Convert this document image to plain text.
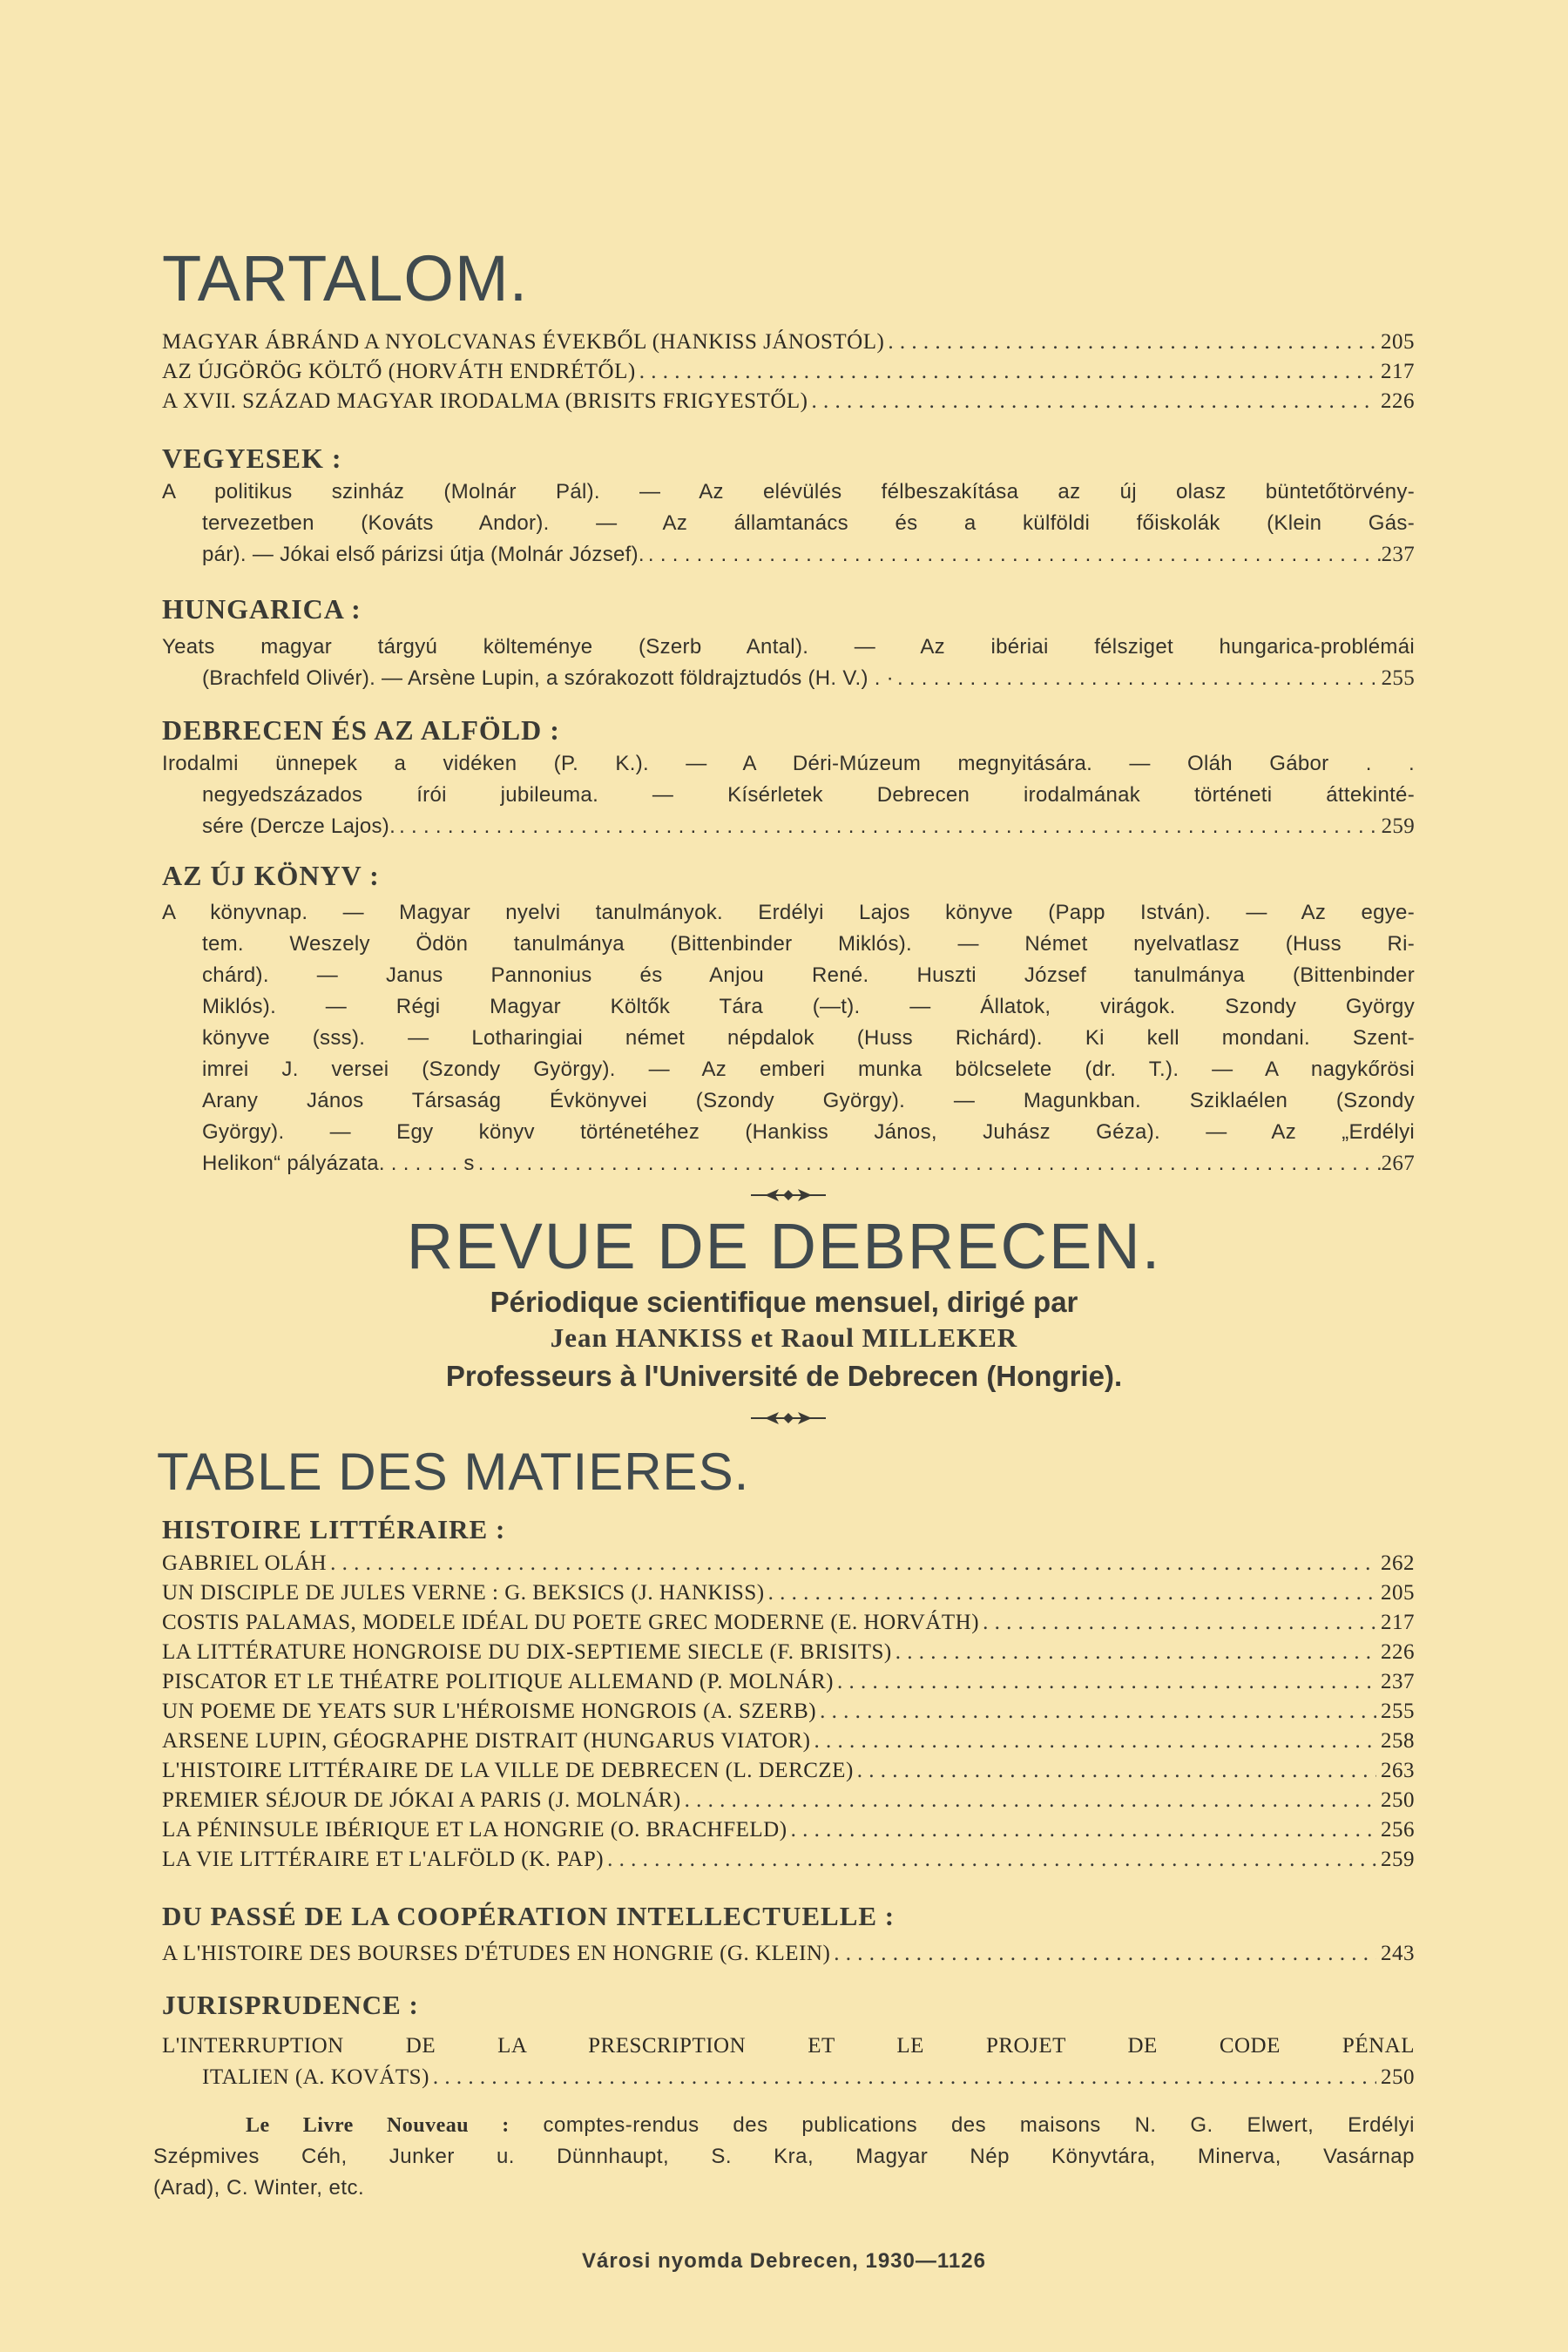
TARTALOM.
MAGYAR ÁBRÁND A NYOLCVANAS ÉVEKBŐL (HANKISS JÁNOSTÓL) . . .	205
AZ ÚJGÖRÖG KÖLTŐ (HORVÁTH ENDRÉTŐL) . . .	217
A XVII. SZÁZAD MAGYAR IRODALMA (BRISITS FRIGYESTŐL) . . .	226
VEGYESEK :
A politikus szinház (Molnár Pál). — Az elévülés félbeszakítása az új olasz büntetőtörvény-
tervezetben (Kováts Andor). — Az államtanács és a külföldi főiskolák (Klein Gás-
pár). — Jókai első párizsi útja (Molnár József). . . .	237
HUNGARICA :
Yeats magyar tárgyú költeménye (Szerb Antal). — Az ibériai félsziget hungarica-problémái
(Brachfeld Olivér). — Arsène Lupin, a szórakozott földrajztudós (H. V.) . · . . .	255
DEBRECEN ÉS AZ ALFÖLD :
Irodalmi ünnepek a vidéken (P. K.). — A Déri-Múzeum megnyitására. — Oláh Gábor . .
negyedszázados írói jubileuma. — Kísérletek Debrecen irodalmának történeti áttekinté-
sére (Dercze Lajos). . . .	259
AZ ÚJ KÖNYV :
A könyvnap. — Magyar nyelvi tanulmányok. Erdélyi Lajos könyve (Papp István). — Az egye-
tem. Weszely Ödön tanulmánya (Bittenbinder Miklós). — Német nyelvatlasz (Huss Ri-
chárd). — Janus Pannonius és Anjou René. Huszti József tanulmánya (Bittenbinder
Miklós). — Régi Magyar Költők Tára (—t). — Állatok, virágok. Szondy György
könyve (sss). — Lotharingiai német népdalok (Huss Richárd). Ki kell mondani. Szent-
imrei J. versei (Szondy György). — Az emberi munka bölcselete (dr. T.). — A nagykőrösi
Arany János Társaság Évkönyvei (Szondy György). — Magunkban. Sziklaélen (Szondy
György). — Egy könyv történetéhez (Hankiss János, Juhász Géza). — Az „Erdélyi
Helikon“ pályázata. . . . . . . s . . .	267
REVUE DE DEBRECEN.
Périodique scientifique mensuel, dirigé par
Jean HANKISS et Raoul MILLEKER
Professeurs à l'Université de Debrecen (Hongrie).
TABLE DES MATIERES.
HISTOIRE LITTÉRAIRE :
GABRIEL OLÁH . . .	262
UN DISCIPLE DE JULES VERNE : G. BEKSICS (J. HANKISS) . . .	205
COSTIS PALAMAS, MODELE IDÉAL DU POETE GREC MODERNE (E. HORVÁTH) . . .	217
LA LITTÉRATURE HONGROISE DU DIX-SEPTIEME SIECLE (F. BRISITS) . . .	226
PISCATOR ET LE THÉATRE POLITIQUE ALLEMAND (P. MOLNÁR) . . .	237
UN POEME DE YEATS SUR L'HÉROISME HONGROIS (A. SZERB) . . .	255
ARSENE LUPIN, GÉOGRAPHE DISTRAIT (HUNGARUS VIATOR) . . .	258
L'HISTOIRE LITTÉRAIRE DE LA VILLE DE DEBRECEN (L. DERCZE) . . .	263
PREMIER SÉJOUR DE JÓKAI A PARIS (J. MOLNÁR) . . .	250
LA PÉNINSULE IBÉRIQUE ET LA HONGRIE (O. BRACHFELD) . . .	256
LA VIE LITTÉRAIRE ET L'ALFÖLD (K. PAP) . . .	259
DU PASSÉ DE LA COOPÉRATION INTELLECTUELLE :
A L'HISTOIRE DES BOURSES D'ÉTUDES EN HONGRIE (G. KLEIN) . . .	243
JURISPRUDENCE :
L'INTERRUPTION DE LA PRESCRIPTION ET LE PROJET DE CODE PÉNAL
ITALIEN (A. KOVÁTS) . . .	250
Le Livre Nouveau : comptes-rendus des publications des maisons N. G. Elwert, Erdélyi
Szépmives Céh, Junker u. Dünnhaupt, S. Kra, Magyar Nép Könyvtára, Minerva, Vasárnap
(Arad), C. Winter, etc.
Városi nyomda Debrecen, 1930—1126
